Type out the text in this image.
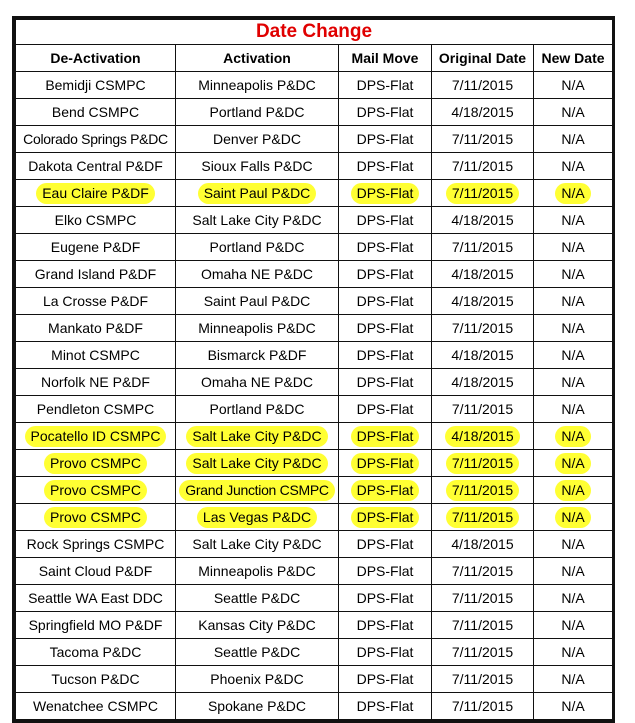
Date Change				
De-Activation	Activation	Mail Move	Original Date	New Date
Bemidji CSMPC	Minneapolis P&DC	DPS-Flat	7/11/2015	N/A
Bend CSMPC	Portland P&DC	DPS-Flat	4/18/2015	N/A
Colorado Springs P&DC	Denver P&DC	DPS-Flat	7/11/2015	N/A
Dakota Central P&DF	Sioux Falls P&DC	DPS-Flat	7/11/2015	N/A
Eau Claire P&DF	Saint Paul P&DC	DPS-Flat	7/11/2015	N/A
Elko CSMPC	Salt Lake City P&DC	DPS-Flat	4/18/2015	N/A
Eugene P&DF	Portland P&DC	DPS-Flat	7/11/2015	N/A
Grand Island P&DF	Omaha NE P&DC	DPS-Flat	4/18/2015	N/A
La Crosse P&DF	Saint Paul P&DC	DPS-Flat	4/18/2015	N/A
Mankato P&DF	Minneapolis P&DC	DPS-Flat	7/11/2015	N/A
Minot CSMPC	Bismarck P&DF	DPS-Flat	4/18/2015	N/A
Norfolk NE P&DF	Omaha NE P&DC	DPS-Flat	4/18/2015	N/A
Pendleton CSMPC	Portland P&DC	DPS-Flat	7/11/2015	N/A
Pocatello ID CSMPC	Salt Lake City P&DC	DPS-Flat	4/18/2015	N/A
Provo CSMPC	Salt Lake City P&DC	DPS-Flat	7/11/2015	N/A
Provo CSMPC	Grand Junction CSMPC	DPS-Flat	7/11/2015	N/A
Provo CSMPC	Las Vegas P&DC	DPS-Flat	7/11/2015	N/A
Rock Springs CSMPC	Salt Lake City P&DC	DPS-Flat	4/18/2015	N/A
Saint Cloud P&DF	Minneapolis P&DC	DPS-Flat	7/11/2015	N/A
Seattle WA East DDC	Seattle P&DC	DPS-Flat	7/11/2015	N/A
Springfield MO P&DF	Kansas City P&DC	DPS-Flat	7/11/2015	N/A
Tacoma P&DC	Seattle P&DC	DPS-Flat	7/11/2015	N/A
Tucson P&DC	Phoenix P&DC	DPS-Flat	7/11/2015	N/A
Wenatchee CSMPC	Spokane P&DC	DPS-Flat	7/11/2015	N/A
